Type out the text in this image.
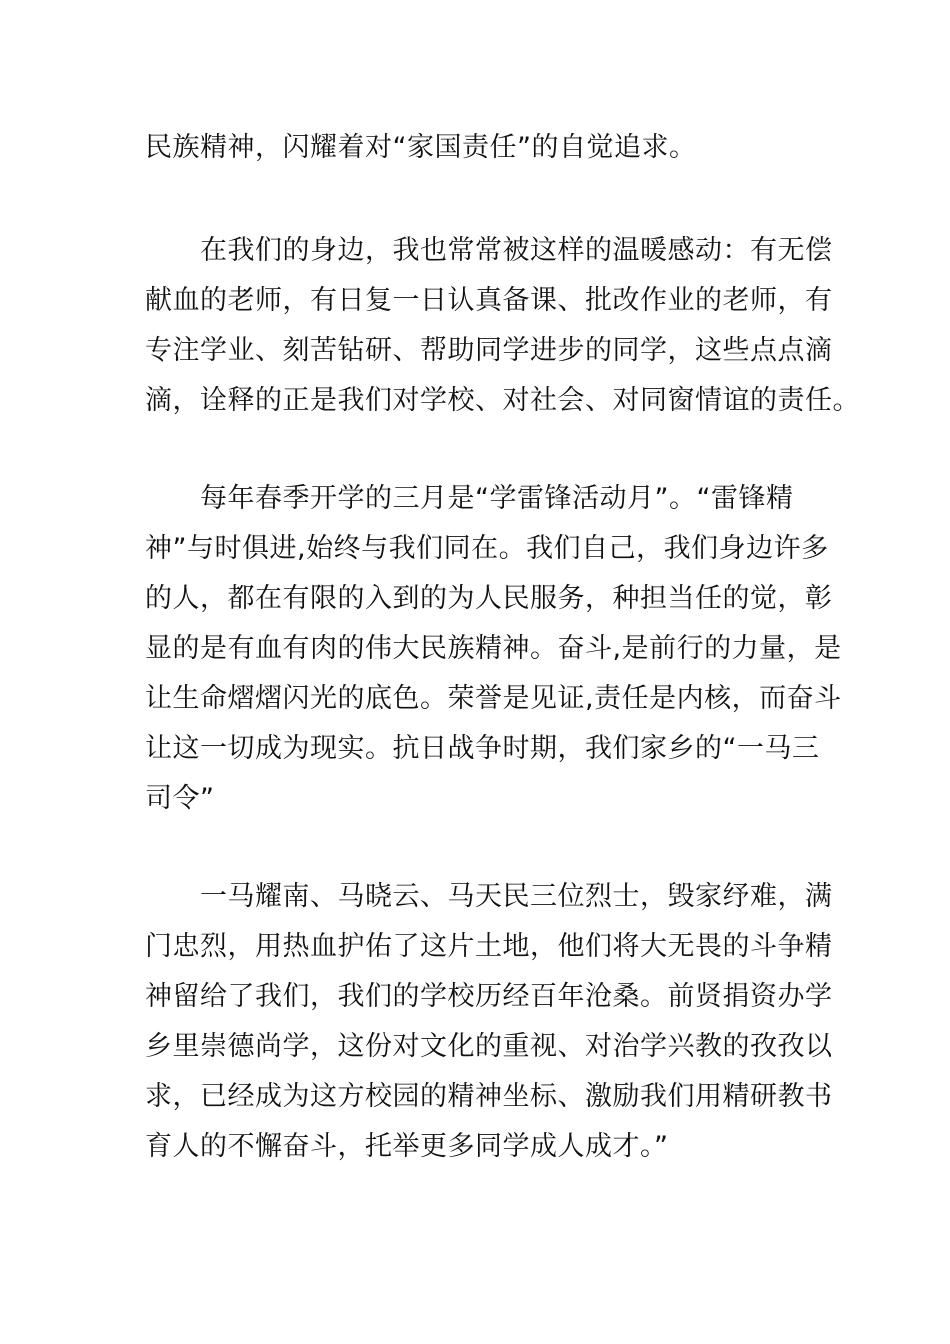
民族精神，闪耀着对“家国责任”的自觉追求。
　　在我们的身边，我也常常被这样的温暖感动：有无偿
献血的老师，有日复一日认真备课、批改作业的老师，有
专注学业、刻苦钻研、帮助同学进步的同学，这些点点滴
滴，诠释的正是我们对学校、对社会、对同窗情谊的责任。
　　每年春季开学的三月是“学雷锋活动月”。“雷锋精
神”与时俱进,始终与我们同在。我们自己，我们身边许多
的人，都在有限的入到的为人民服务，种担当任的觉，彰
显的是有血有肉的伟大民族精神。奋斗,是前行的力量，是
让生命熠熠闪光的底色。荣誉是见证,责任是内核，而奋斗
让这一切成为现实。抗日战争时期，我们家乡的“一马三
司令”
　　一马耀南、马晓云、马天民三位烈士，毁家纾难，满
门忠烈，用热血护佑了这片土地，他们将大无畏的斗争精
神留给了我们，我们的学校历经百年沧桑。前贤捐资办学
乡里崇德尚学，这份对文化的重视、对治学兴教的孜孜以
求，已经成为这方校园的精神坐标、激励我们用精研教书
育人的不懈奋斗，托举更多同学成人成才。”
